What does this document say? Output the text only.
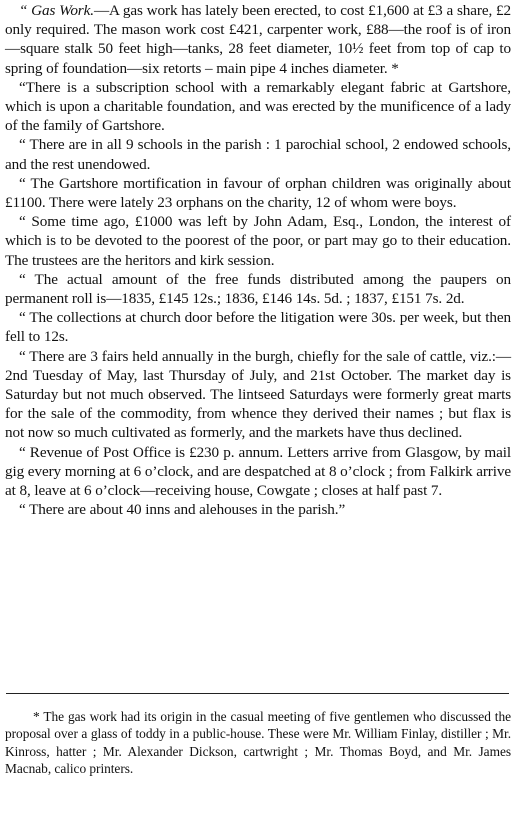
“ Gas Work.—A gas work has lately been erected, to cost £1,600 at £3 a share, £2 only required. The mason work cost £421, carpenter work, £88—the roof is of iron—square stalk 50 feet high—tanks, 28 feet diameter, 10½ feet from top of cap to spring of foundation—six retorts – main pipe 4 inches diameter. *

“There is a subscription school with a remarkably elegant fabric at Gartshore, which is upon a charitable foundation, and was erected by the munificence of a lady of the family of Gartshore.

“ There are in all 9 schools in the parish : 1 parochial school, 2 endowed schools, and the rest unendowed.

“ The Gartshore mortification in favour of orphan children was originally about £1100. There were lately 23 orphans on the charity, 12 of whom were boys.

“ Some time ago, £1000 was left by John Adam, Esq., London, the interest of which is to be devoted to the poorest of the poor, or part may go to their education. The trustees are the heritors and kirk session.

“ The actual amount of the free funds distributed among the paupers on permanent roll is—1835, £145 12s.; 1836, £146 14s. 5d. ; 1837, £151 7s. 2d.

“ The collections at church door before the litigation were 30s. per week, but then fell to 12s.

“ There are 3 fairs held annually in the burgh, chiefly for the sale of cattle, viz.:—2nd Tuesday of May, last Thursday of July, and 21st October. The market day is Saturday but not much observed. The lintseed Saturdays were formerly great marts for the sale of the commodity, from whence they derived their names ; but flax is not now so much cultivated as formerly, and the markets have thus declined.

“ Revenue of Post Office is £230 p. annum. Letters arrive from Glasgow, by mail gig every morning at 6 o’clock, and are despatched at 8 o’clock ; from Falkirk arrive at 8, leave at 6 o’clock—receiving house, Cowgate ; closes at half past 7.

“ There are about 40 inns and alehouses in the parish.”

* The gas work had its origin in the casual meeting of five gentlemen who discussed the proposal over a glass of toddy in a public-house. These were Mr. William Finlay, distiller ; Mr. Kinross, hatter ; Mr. Alexander Dickson, cartwright ; Mr. Thomas Boyd, and Mr. James Macnab, calico printers.
